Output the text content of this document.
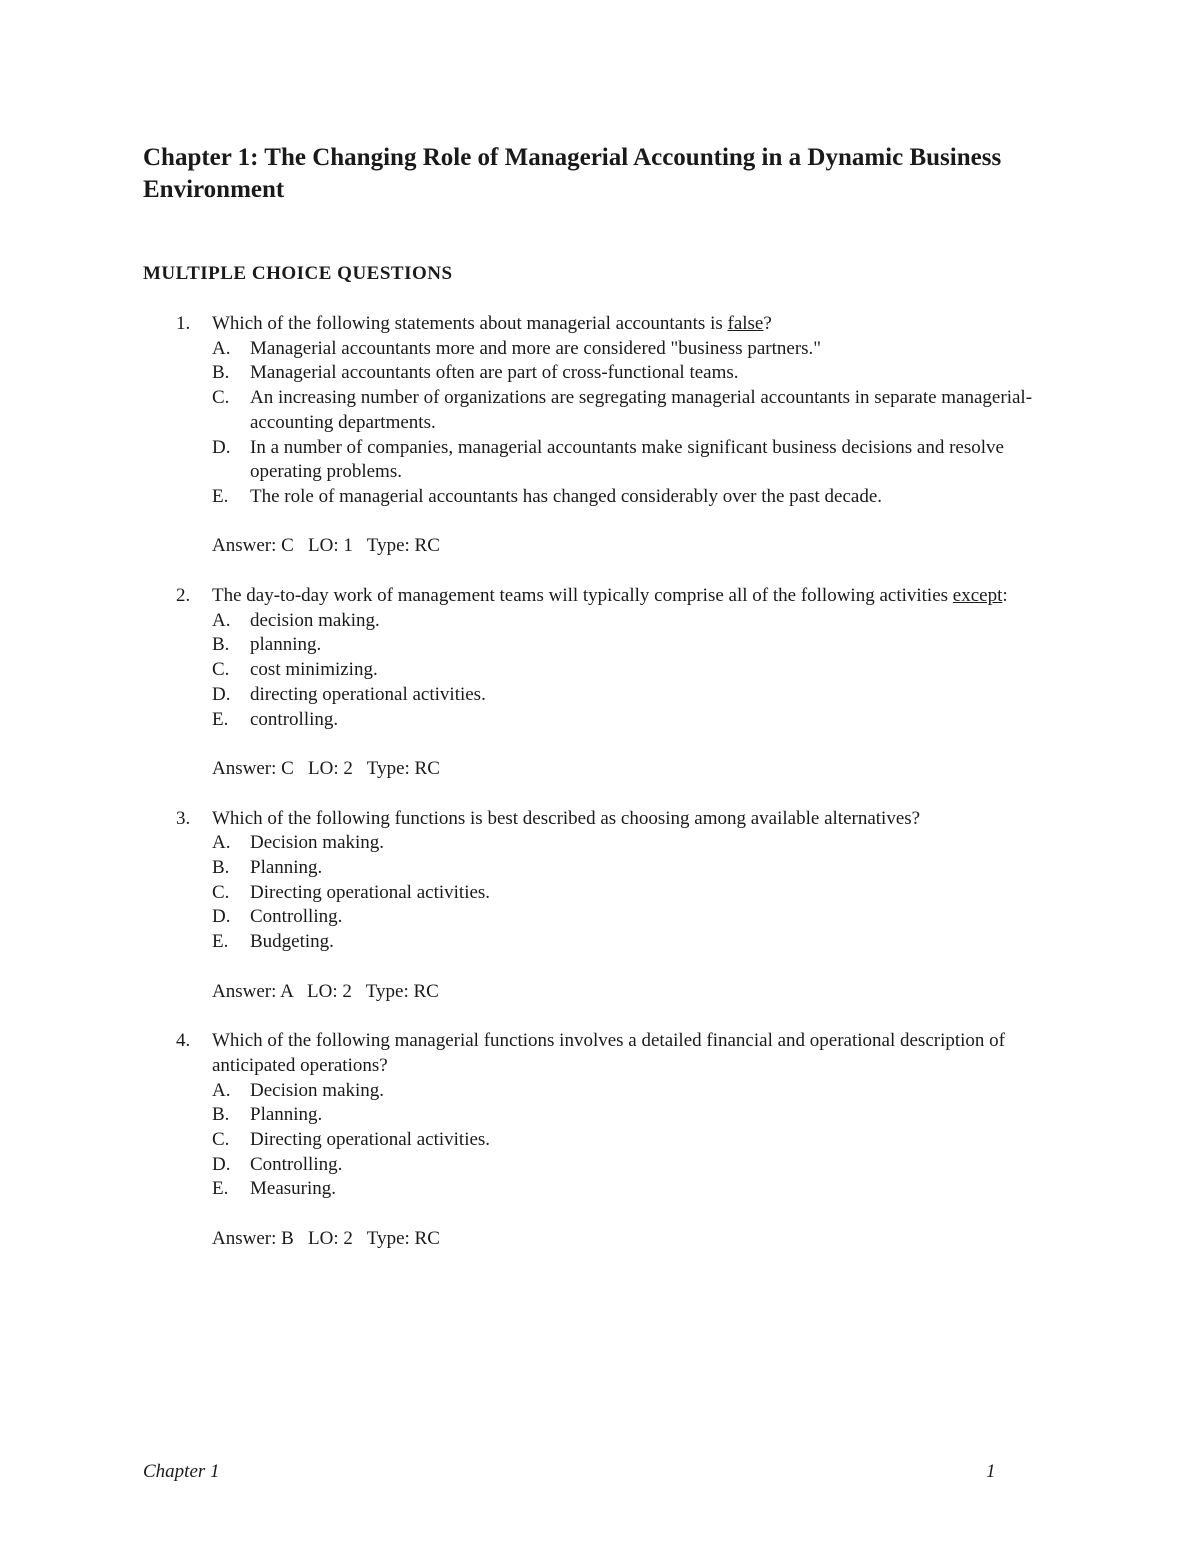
Chapter 1: The Changing Role of Managerial Accounting in a Dynamic Business Environment
MULTIPLE CHOICE QUESTIONS
1. Which of the following statements about managerial accountants is false?
A. Managerial accountants more and more are considered "business partners."
B. Managerial accountants often are part of cross-functional teams.
C. An increasing number of organizations are segregating managerial accountants in separate managerial-accounting departments.
D. In a number of companies, managerial accountants make significant business decisions and resolve operating problems.
E. The role of managerial accountants has changed considerably over the past decade.
Answer: C   LO: 1   Type: RC
2. The day-to-day work of management teams will typically comprise all of the following activities except:
A. decision making.
B. planning.
C. cost minimizing.
D. directing operational activities.
E. controlling.
Answer: C   LO: 2   Type: RC
3. Which of the following functions is best described as choosing among available alternatives?
A. Decision making.
B. Planning.
C. Directing operational activities.
D. Controlling.
E. Budgeting.
Answer: A   LO: 2   Type: RC
4. Which of the following managerial functions involves a detailed financial and operational description of anticipated operations?
A. Decision making.
B. Planning.
C. Directing operational activities.
D. Controlling.
E. Measuring.
Answer: B   LO: 2   Type: RC
Chapter 1	1
